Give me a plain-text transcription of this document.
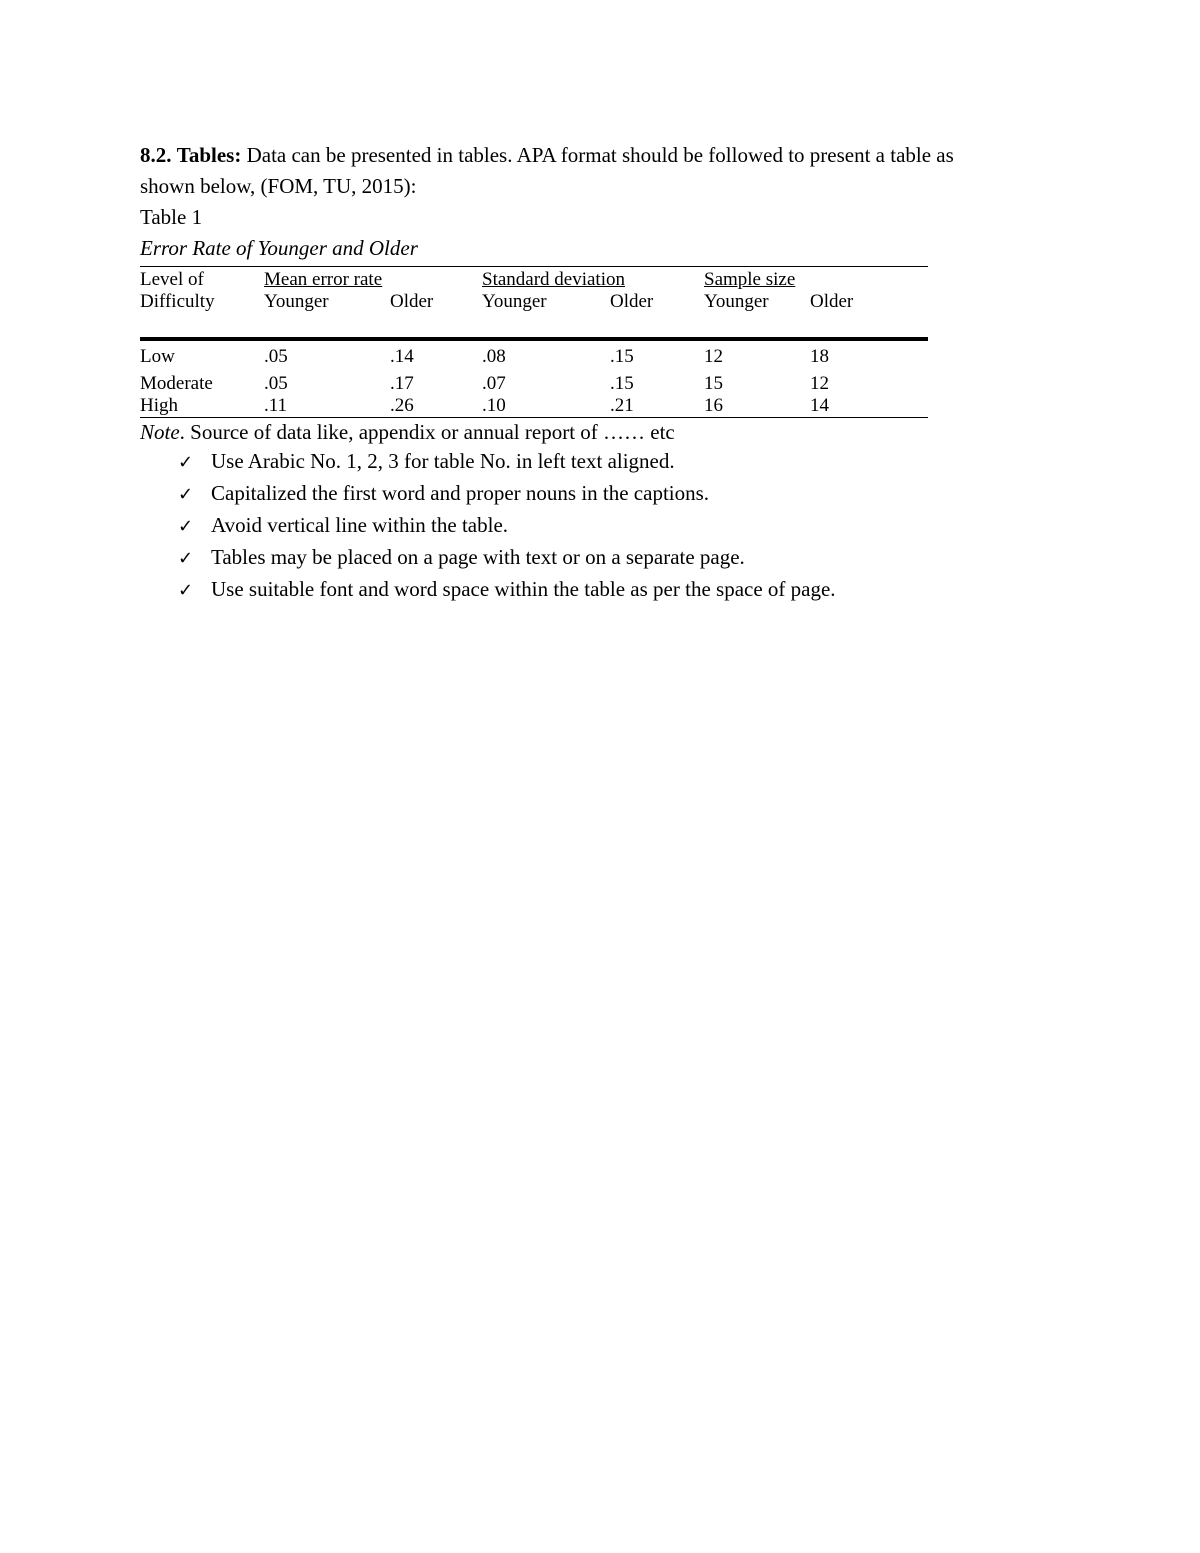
8.2. Tables: Data can be presented in tables. APA format should be followed to present a table as
shown below, (FOM, TU, 2015):

Table 1

Error Rate of Younger and Older

Level of	Mean error rate		Standard deviation		Sample size	
Difficulty	Younger	Older	Younger	Older	Younger	Older
Low	.05	.14	.08	.15	12	18
Moderate	.05	.17	.07	.15	15	12
High	.11	.26	.10	.21	16	14

Note. Source of data like, appendix or annual report of …… etc

✓ Use Arabic No. 1, 2, 3 for table No. in left text aligned.
✓ Capitalized the first word and proper nouns in the captions.
✓ Avoid vertical line within the table.
✓ Tables may be placed on a page with text or on a separate page.
✓ Use suitable font and word space within the table as per the space of page.
